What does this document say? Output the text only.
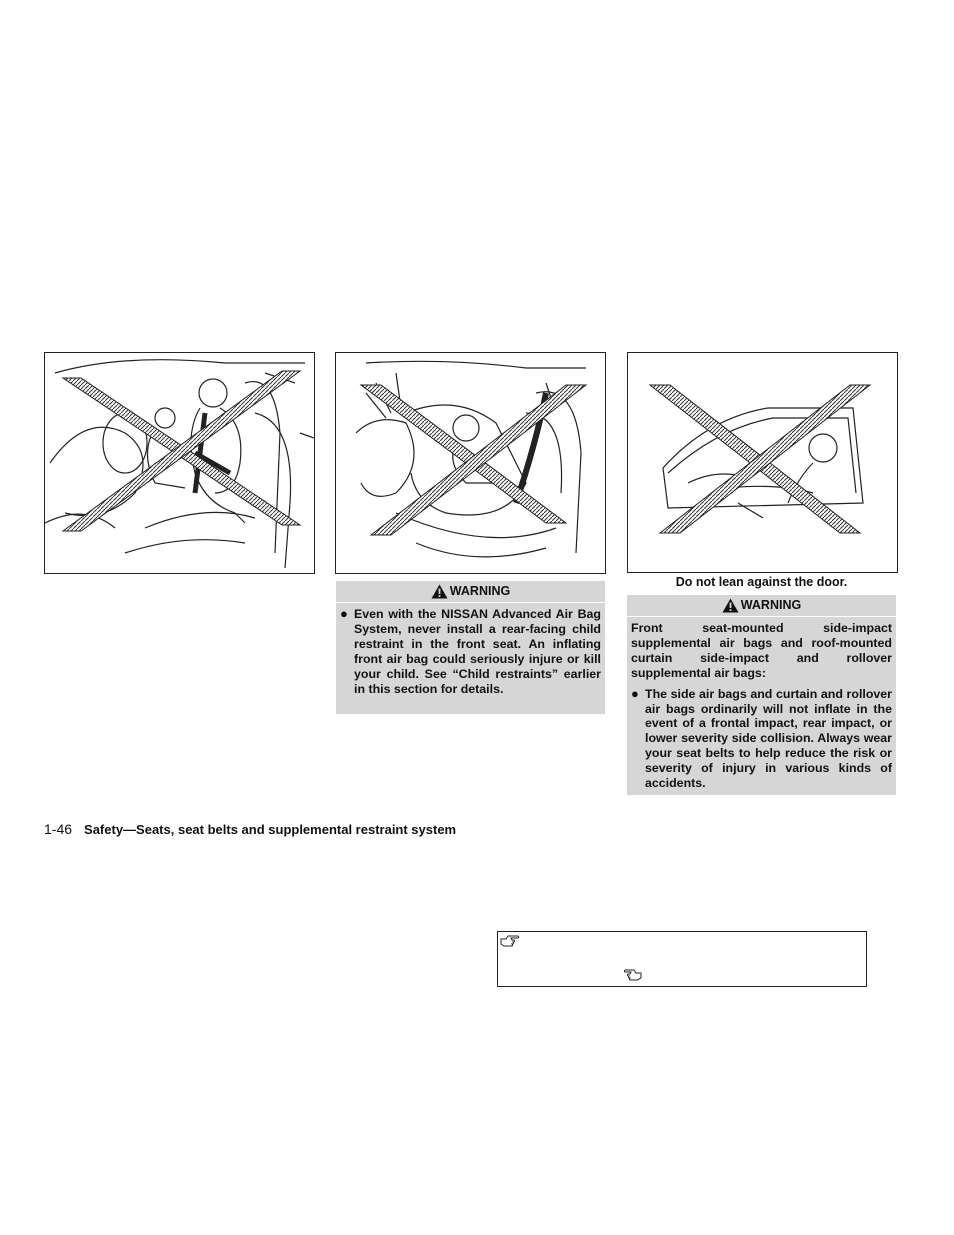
Do not lean against the door.
WARNING
● Even with the NISSAN Advanced Air Bag System, never install a rear-facing child restraint in the front seat. An inflating front air bag could seriously injure or kill your child. See “Child restraints” earlier in this section for details.
WARNING
Front seat-mounted side-impact supplemental air bags and roof-mounted curtain side-impact and rollover supplemental air bags:
● The side air bags and curtain and rollover air bags ordinarily will not inflate in the event of a frontal impact, rear impact, or lower severity side collision. Always wear your seat belts to help reduce the risk or severity of injury in various kinds of accidents.
1-46 Safety—Seats, seat belts and supplemental restraint system
